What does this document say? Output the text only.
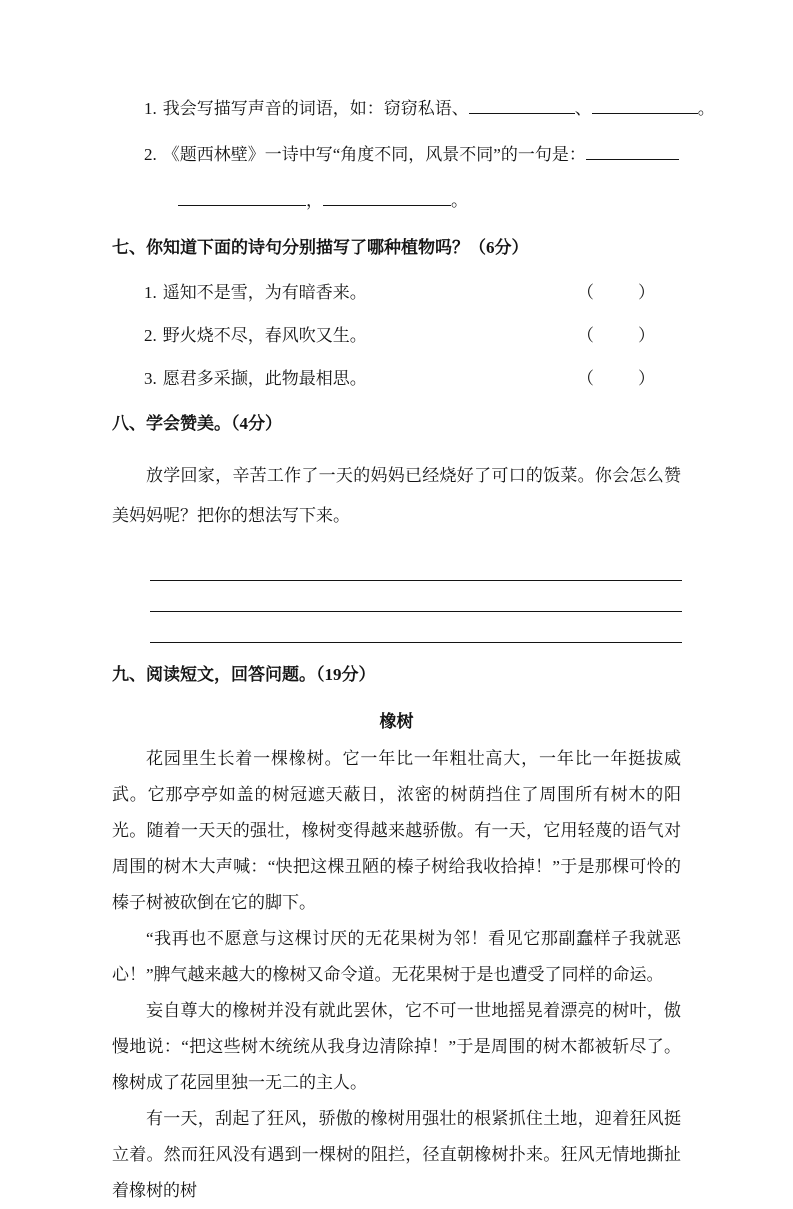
1. 我会写描写声音的词语，如：窃窃私语、	、	。
2. 《题西林壁》一诗中写“角度不同，风景不同”的一句是：
，	。
七、你知道下面的诗句分别描写了哪种植物吗？（6分）
1. 遥知不是雪，为有暗香来。	（	）
2. 野火烧不尽，春风吹又生。	（	）
3. 愿君多采撷，此物最相思。	（	）
八、学会赞美。（4分）

放学回家，辛苦工作了一天的妈妈已经烧好了可口的饭菜。你会怎么赞美妈妈呢？把你的想法写下来。

九、阅读短文，回答问题。（19分）
橡树

花园里生长着一棵橡树。它一年比一年粗壮高大，一年比一年挺拔威武。它那亭亭如盖的树冠遮天蔽日，浓密的树荫挡住了周围所有树木的阳光。随着一天天的强壮，橡树变得越来越骄傲。有一天，它用轻蔑的语气对周围的树木大声喊：“快把这棵丑陋的榛子树给我收拾掉！”于是那棵可怜的榛子树被砍倒在它的脚下。

“我再也不愿意与这棵讨厌的无花果树为邻！看见它那副蠢样子我就恶心！”脾气越来越大的橡树又命令道。无花果树于是也遭受了同样的命运。

妄自尊大的橡树并没有就此罢休，它不可一世地摇晃着漂亮的树叶，傲慢地说：“把这些树木统统从我身边清除掉！”于是周围的树木都被斩尽了。橡树成了花园里独一无二的主人。

有一天，刮起了狂风，骄傲的橡树用强壮的根紧抓住土地，迎着狂风挺立着。然而狂风没有遇到一棵树的阻拦，径直朝橡树扑来。狂风无情地撕扯着橡树的树
